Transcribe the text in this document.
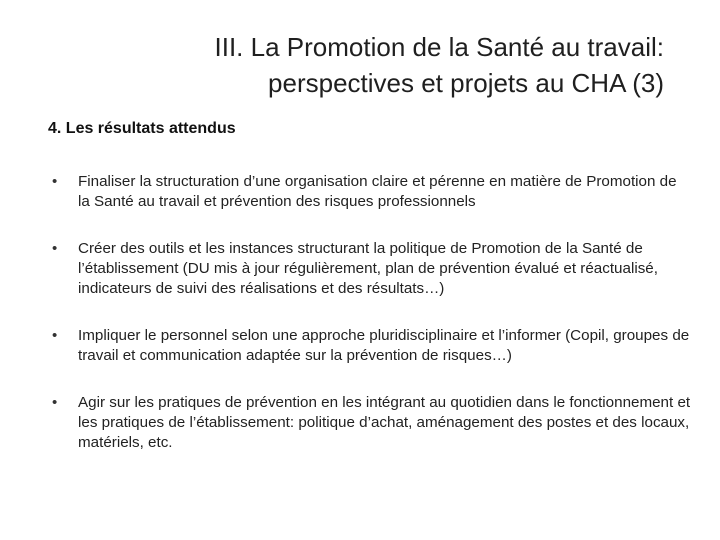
III. La Promotion de la Santé au travail:
perspectives et projets au CHA (3)
4. Les résultats attendus
• Finaliser la structuration d’une organisation claire et pérenne en matière de Promotion de la Santé au travail et prévention des risques professionnels
• Créer des outils et les instances structurant la politique de Promotion de la Santé de l’établissement (DU mis à jour régulièrement, plan de prévention évalué et réactualisé, indicateurs de suivi des réalisations et des résultats…)
• Impliquer le personnel selon une approche pluridisciplinaire et l’informer (Copil, groupes de travail et communication adaptée sur la prévention de risques…)
• Agir sur les pratiques de prévention en les intégrant au quotidien dans le fonctionnement et les pratiques de l’établissement: politique d’achat, aménagement des postes et des locaux, matériels, etc.
